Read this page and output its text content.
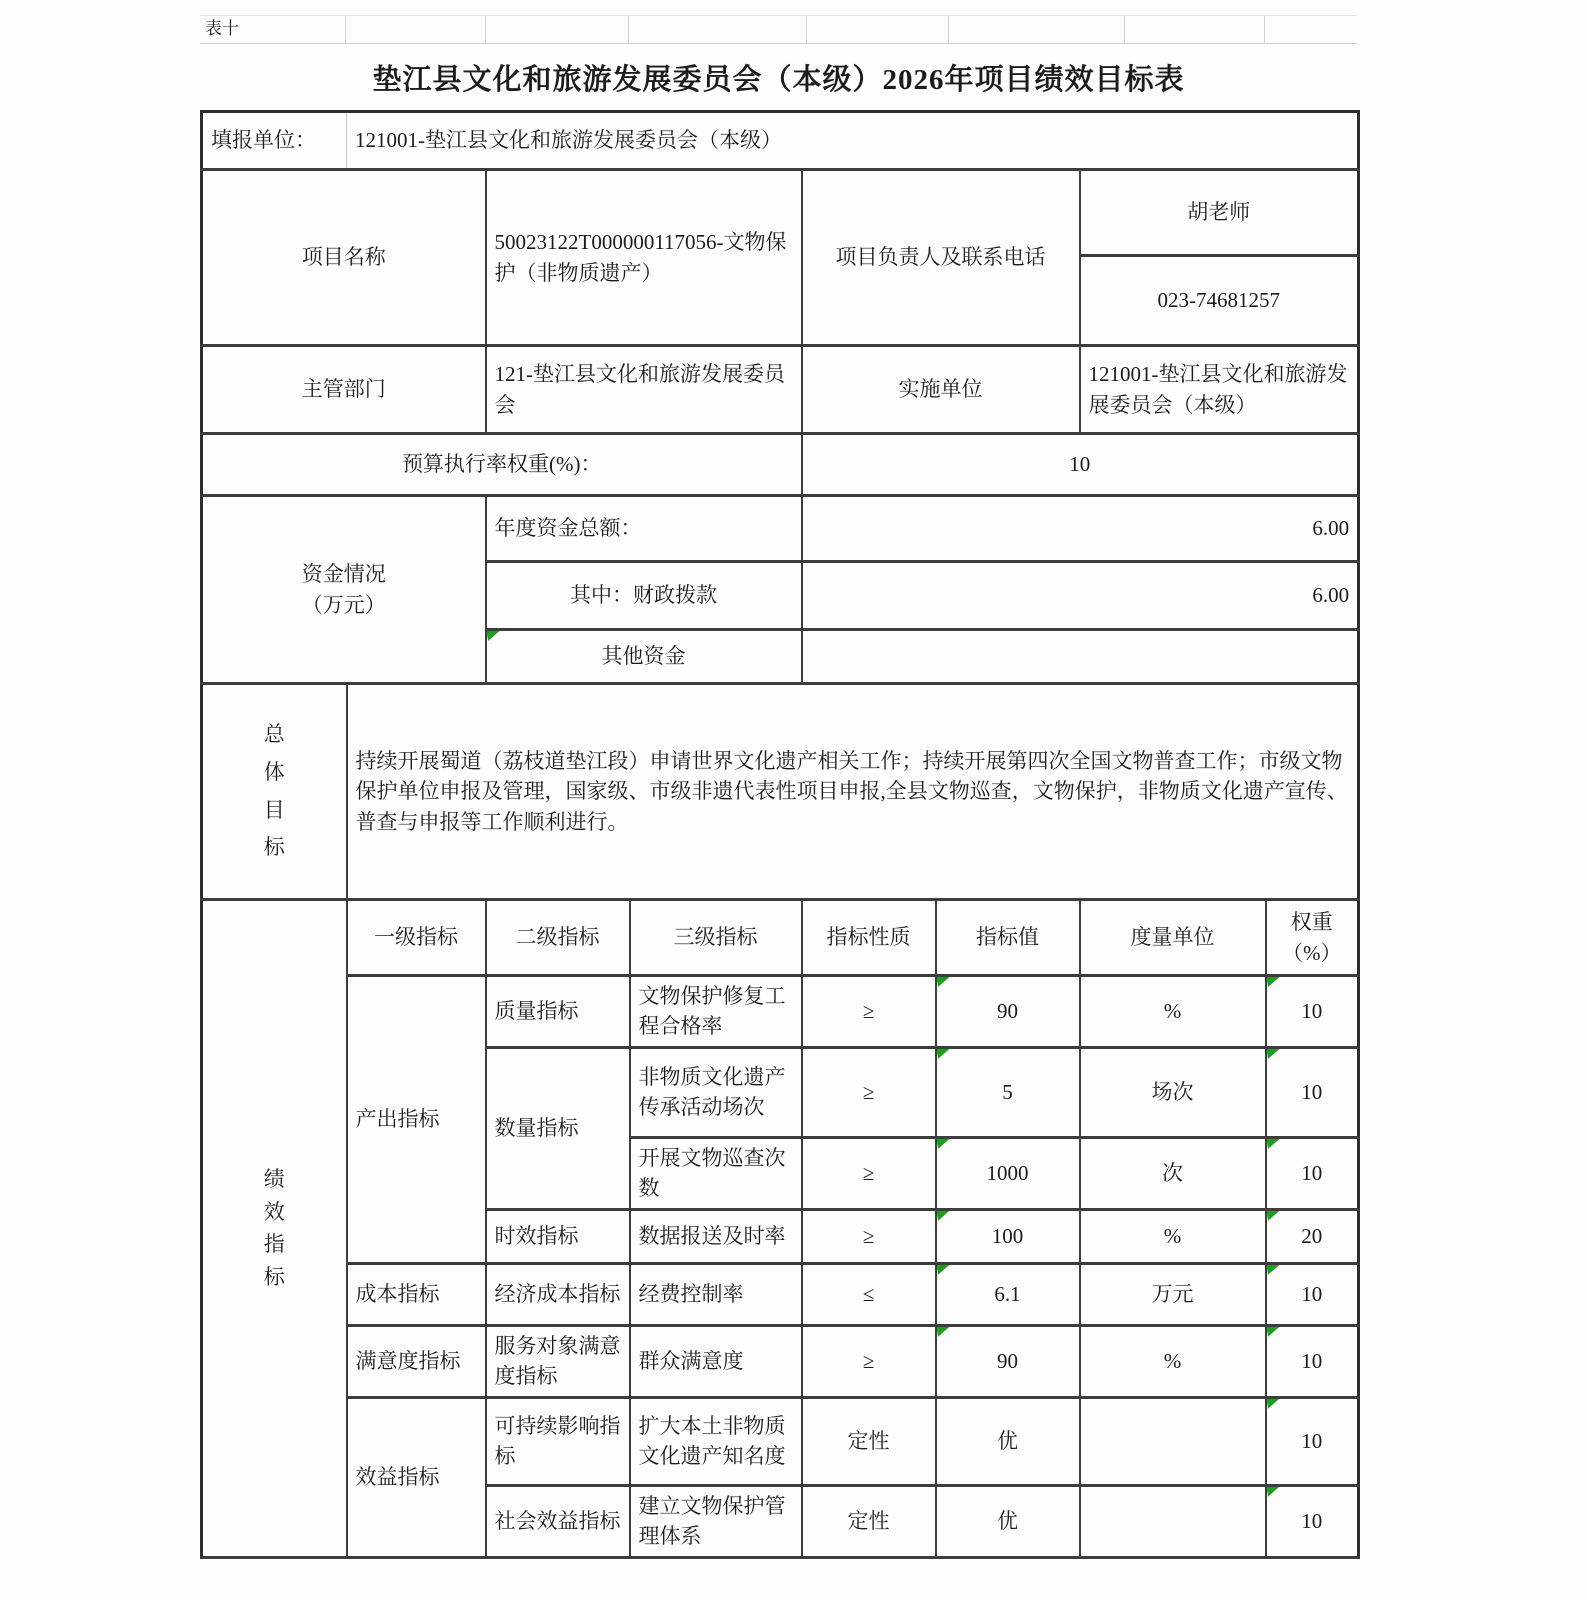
表十
垫江县文化和旅游发展委员会（本级）2026年项目绩效目标表
填报单位：	121001-垫江县文化和旅游发展委员会（本级）						
项目名称		50023122T000000117056-文物保护（非物质遗产）		项目负责人及联系电话		胡老师	
						023-74681257	
主管部门		121-垫江县文化和旅游发展委员会		实施单位		121001-垫江县文化和旅游发展委员会（本级）	
预算执行率权重(%)：				10			

资金情况
（万元）		年度资金总额：		6.00			
		其中：财政拨款		6.00			

其他资金					

总体目标	持续开展蜀道（荔枝道垫江段）申请世界文化遗产相关工作；持续开展第四次全国文物普查工作；市级文物保护单位申报及管理，国家级、市级非遗代表性项目申报,全县文物巡查，文物保护，非物质文化遗产宣传、普查与申报等工作顺利进行。						

绩效指标	一级指标	二级指标	三级指标	指标性质	指标值	度量单位	权重（%）
	产出指标	质量指标	文物保护修复工程合格率	≥	90	%	10
		数量指标	非物质文化遗产传承活动场次	≥	5	场次	10
			开展文物巡查次数	≥	1000	次	10
		时效指标	数据报送及时率	≥	100	%	20
	成本指标	经济成本指标	经费控制率	≤	6.1	万元	10
	满意度指标	服务对象满意度指标	群众满意度	≥	90	%	10
	效益指标	可持续影响指标	扩大本土非物质文化遗产知名度	定性	优		10
		社会效益指标	建立文物保护管理体系	定性	优		10
